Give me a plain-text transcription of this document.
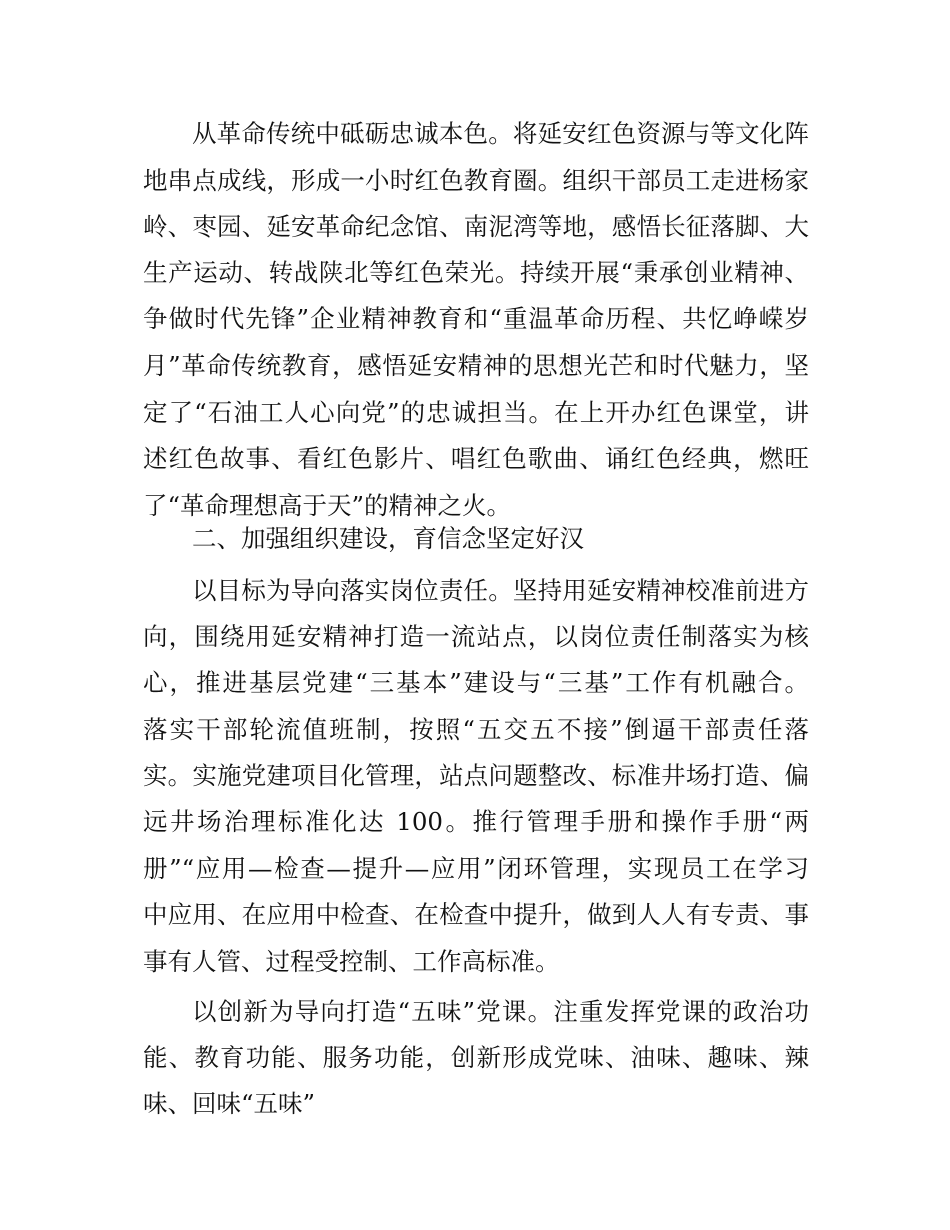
从革命传统中砥砺忠诚本色。将延安红色资源与等文化阵
地串点成线，形成一小时红色教育圈。组织干部员工走进杨家
岭、枣园、延安革命纪念馆、南泥湾等地，感悟长征落脚、大
生产运动、转战陕北等红色荣光。持续开展“秉承创业精神、
争做时代先锋”企业精神教育和“重温革命历程、共忆峥嵘岁
月”革命传统教育，感悟延安精神的思想光芒和时代魅力，坚
定了“石油工人心向党”的忠诚担当。在上开办红色课堂，讲
述红色故事、看红色影片、唱红色歌曲、诵红色经典，燃旺
了“革命理想高于天”的精神之火。
二、加强组织建设，育信念坚定好汉
以目标为导向落实岗位责任。坚持用延安精神校准前进方
向，围绕用延安精神打造一流站点，以岗位责任制落实为核
心，推进基层党建“三基本”建设与“三基”工作有机融合。
落实干部轮流值班制，按照“五交五不接”倒逼干部责任落
实。实施党建项目化管理，站点问题整改、标准井场打造、偏
远井场治理标准化达 100。推行管理手册和操作手册“两
册”“应用—检查—提升—应用”闭环管理，实现员工在学习
中应用、在应用中检查、在检查中提升，做到人人有专责、事
事有人管、过程受控制、工作高标准。
以创新为导向打造“五味”党课。注重发挥党课的政治功
能、教育功能、服务功能，创新形成党味、油味、趣味、辣
味、回味“五味”
